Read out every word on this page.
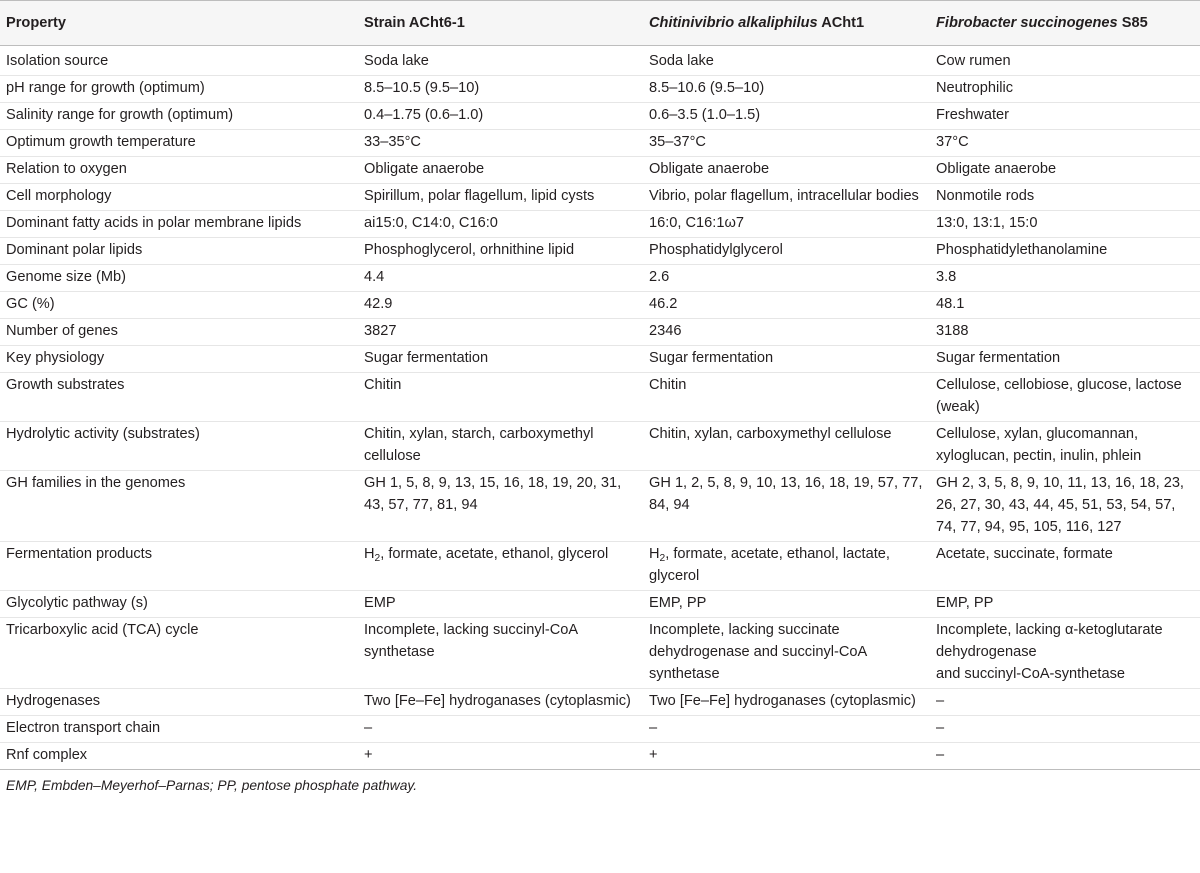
Property	Strain ACht6-1	Chitinivibrio alkaliphilus ACht1	Fibrobacter succinogenes S85
Isolation source	Soda lake	Soda lake	Cow rumen
pH range for growth (optimum)	8.5–10.5 (9.5–10)	8.5–10.6 (9.5–10)	Neutrophilic
Salinity range for growth (optimum)	0.4–1.75 (0.6–1.0)	0.6–3.5 (1.0–1.5)	Freshwater
Optimum growth temperature	33–35°C	35–37°C	37°C
Relation to oxygen	Obligate anaerobe	Obligate anaerobe	Obligate anaerobe
Cell morphology	Spirillum, polar flagellum, lipid cysts	Vibrio, polar flagellum, intracellular bodies	Nonmotile rods
Dominant fatty acids in polar membrane lipids	ai15:0, C14:0, C16:0	16:0, C16:1ω7	13:0, 13:1, 15:0
Dominant polar lipids	Phosphoglycerol, orhnithine lipid	Phosphatidylglycerol	Phosphatidylethanolamine
Genome size (Mb)	4.4	2.6	3.8
GC (%)	42.9	46.2	48.1
Number of genes	3827	2346	3188
Key physiology	Sugar fermentation	Sugar fermentation	Sugar fermentation
Growth substrates	Chitin	Chitin	Cellulose, cellobiose, glucose, lactose (weak)
Hydrolytic activity (substrates)	Chitin, xylan, starch, carboxymethyl cellulose	Chitin, xylan, carboxymethyl cellulose	Cellulose, xylan, glucomannan, xyloglucan, pectin, inulin, phlein
GH families in the genomes	GH 1, 5, 8, 9, 13, 15, 16, 18, 19, 20, 31, 43, 57, 77, 81, 94	GH 1, 2, 5, 8, 9, 10, 13, 16, 18, 19, 57, 77, 84, 94	GH 2, 3, 5, 8, 9, 10, 11, 13, 16, 18, 23, 26, 27, 30, 43, 44, 45, 51, 53, 54, 57, 74, 77, 94, 95, 105, 116, 127
Fermentation products	$H_2$, formate, acetate, ethanol, glycerol	$H_2$, formate, acetate, ethanol, lactate, glycerol	Acetate, succinate, formate
Glycolytic pathway (s)	EMP	EMP, PP	EMP, PP
Tricarboxylic acid (TCA) cycle	Incomplete, lacking succinyl-CoA synthetase	Incomplete, lacking succinate dehydrogenase and succinyl-CoA synthetase	Incomplete, lacking α-ketoglutarate dehydrogenase
and succinyl-CoA-synthetase
Hydrogenases	Two [Fe–Fe] hydroganases (cytoplasmic)	Two [Fe–Fe] hydroganases (cytoplasmic)	–
Electron transport chain	–	–	–
Rnf complex	+	+	–
EMP, Embden–Meyerhof–Parnas; PP, pentose phosphate pathway.
